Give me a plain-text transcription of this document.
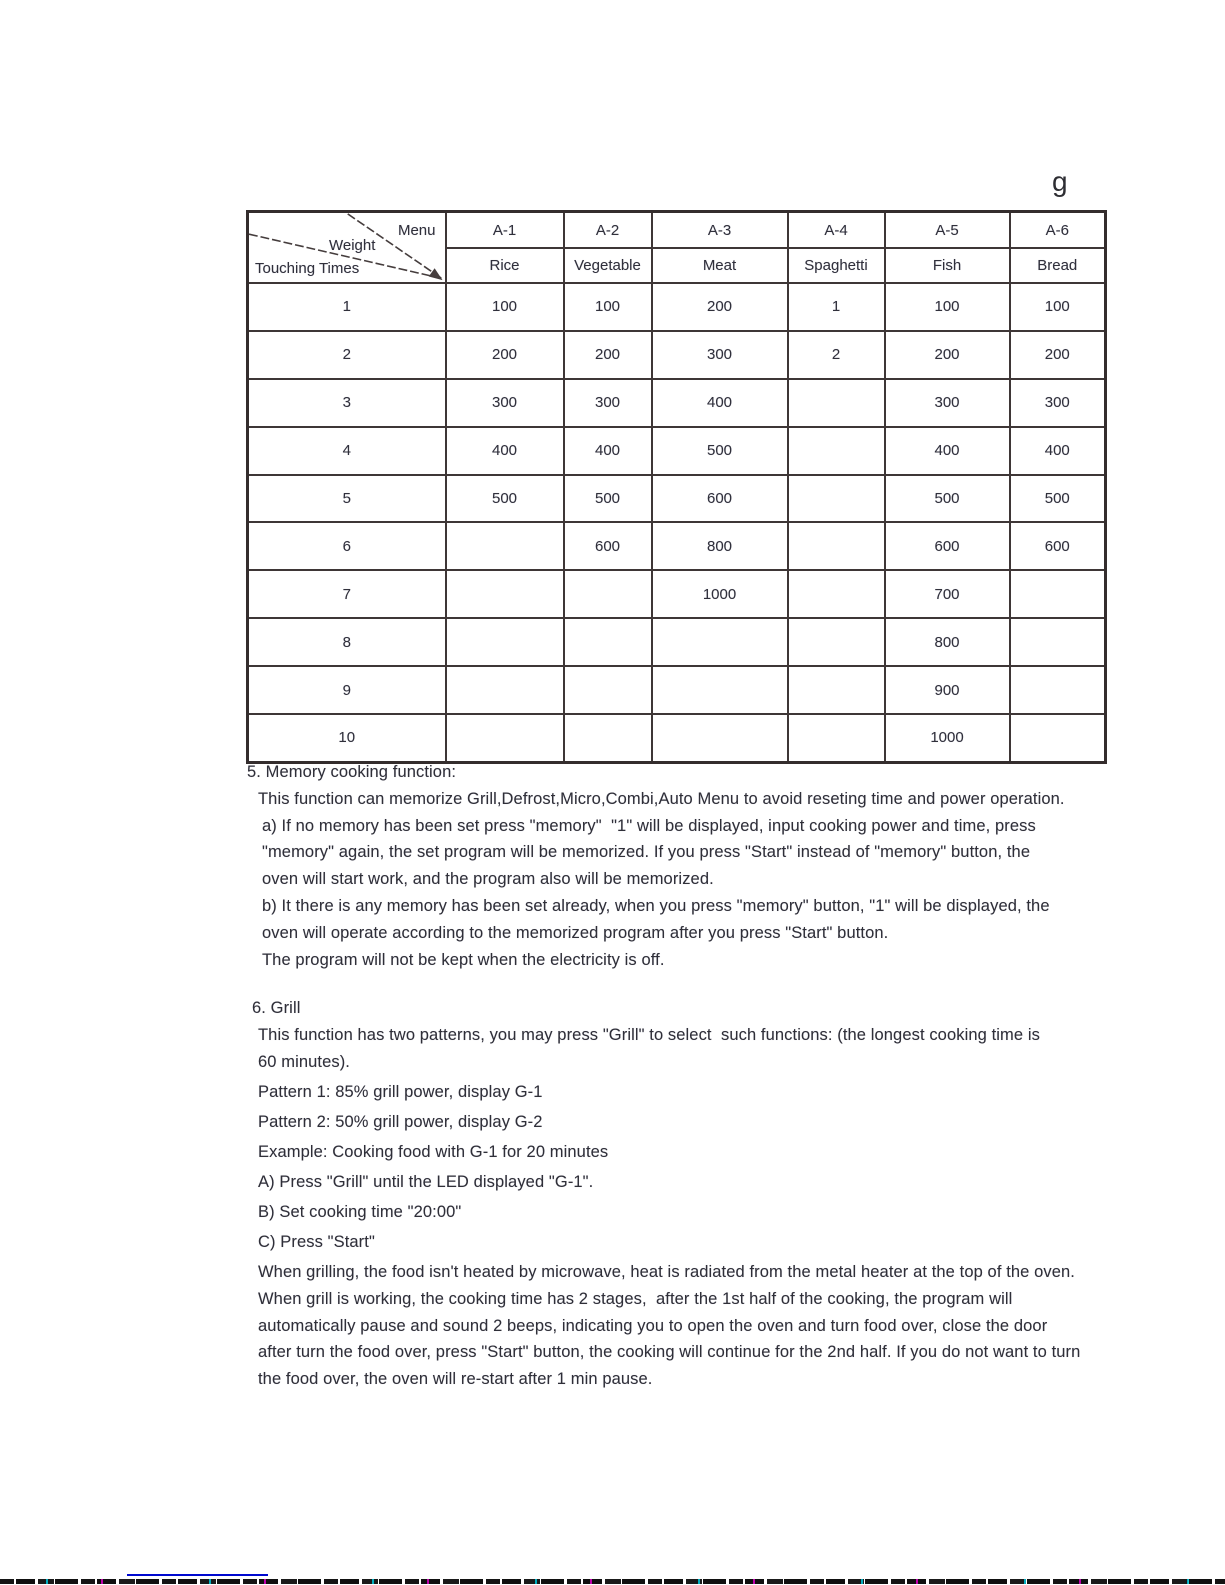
g
Menu
Weight
Touching Times	A-1	A-2	A-3	A-4	A-5	A-6
	Rice	Vegetable	Meat	Spaghetti	Fish	Bread
1	100	100	200	1	100	100
2	200	200	300	2	200	200
3	300	300	400		300	300
4	400	400	500		400	400
5	500	500	600		500	500
6		600	800		600	600
7			1000		700	
8					800	
9					900	
10					1000	
5. Memory cooking function:
This function can memorize Grill,Defrost,Micro,Combi,Auto Menu to avoid reseting time and power operation.
a) If no memory has been set press "memory"  "1" will be displayed, input cooking power and time, press
"memory" again, the set program will be memorized. If you press "Start" instead of "memory" button, the
oven will start work, and the program also will be memorized.
b) It there is any memory has been set already, when you press "memory" button, "1" will be displayed, the
oven will operate according to the memorized program after you press "Start" button.
The program will not be kept when the electricity is off.
6. Grill
This function has two patterns, you may press "Grill" to select  such functions: (the longest cooking time is
60 minutes).
Pattern 1: 85% grill power, display G-1
Pattern 2: 50% grill power, display G-2
Example: Cooking food with G-1 for 20 minutes
A) Press "Grill" until the LED displayed "G-1".
B) Set cooking time "20:00"
C) Press "Start"
When grilling, the food isn't heated by microwave, heat is radiated from the metal heater at the top of the oven.
When grill is working, the cooking time has 2 stages,  after the 1st half of the cooking, the program will
automatically pause and sound 2 beeps, indicating you to open the oven and turn food over, close the door
after turn the food over, press "Start" button, the cooking will continue for the 2nd half. If you do not want to turn
the food over, the oven will re-start after 1 min pause.
